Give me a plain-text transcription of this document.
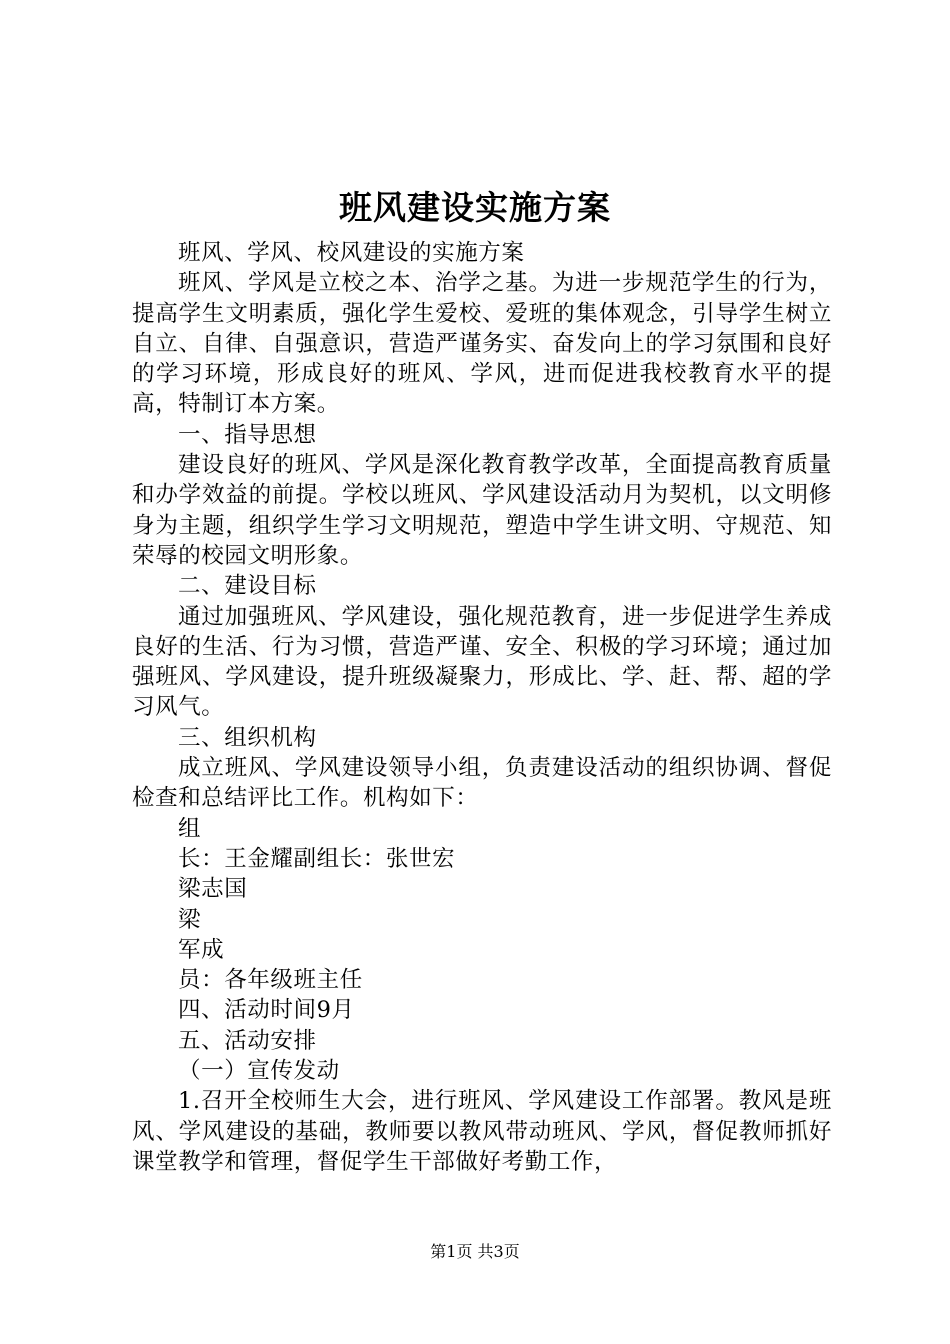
班风建设实施方案

班风、学风、校风建设的实施方案

班风、学风是立校之本、治学之基。为进一步规范学生的行为，提高学生文明素质，强化学生爱校、爱班的集体观念，引导学生树立自立、自律、自强意识，营造严谨务实、奋发向上的学习氛围和良好的学习环境，形成良好的班风、学风，进而促进我校教育水平的提高，特制订本方案。

一、指导思想

建设良好的班风、学风是深化教育教学改革，全面提高教育质量和办学效益的前提。学校以班风、学风建设活动月为契机，以文明修身为主题，组织学生学习文明规范，塑造中学生讲文明、守规范、知荣辱的校园文明形象。

二、建设目标

通过加强班风、学风建设，强化规范教育，进一步促进学生养成良好的生活、行为习惯，营造严谨、安全、积极的学习环境；通过加强班风、学风建设，提升班级凝聚力，形成比、学、赶、帮、超的学习风气。

三、组织机构

成立班风、学风建设领导小组，负责建设活动的组织协调、督促检查和总结评比工作。机构如下：

组

长：王金耀副组长：张世宏

梁志国

梁

军成

员：各年级班主任

四、活动时间9月

五、活动安排

（一）宣传发动

1.召开全校师生大会，进行班风、学风建设工作部署。教风是班风、学风建设的基础，教师要以教风带动班风、学风，督促教师抓好课堂教学和管理，督促学生干部做好考勤工作，

第1页 共3页
